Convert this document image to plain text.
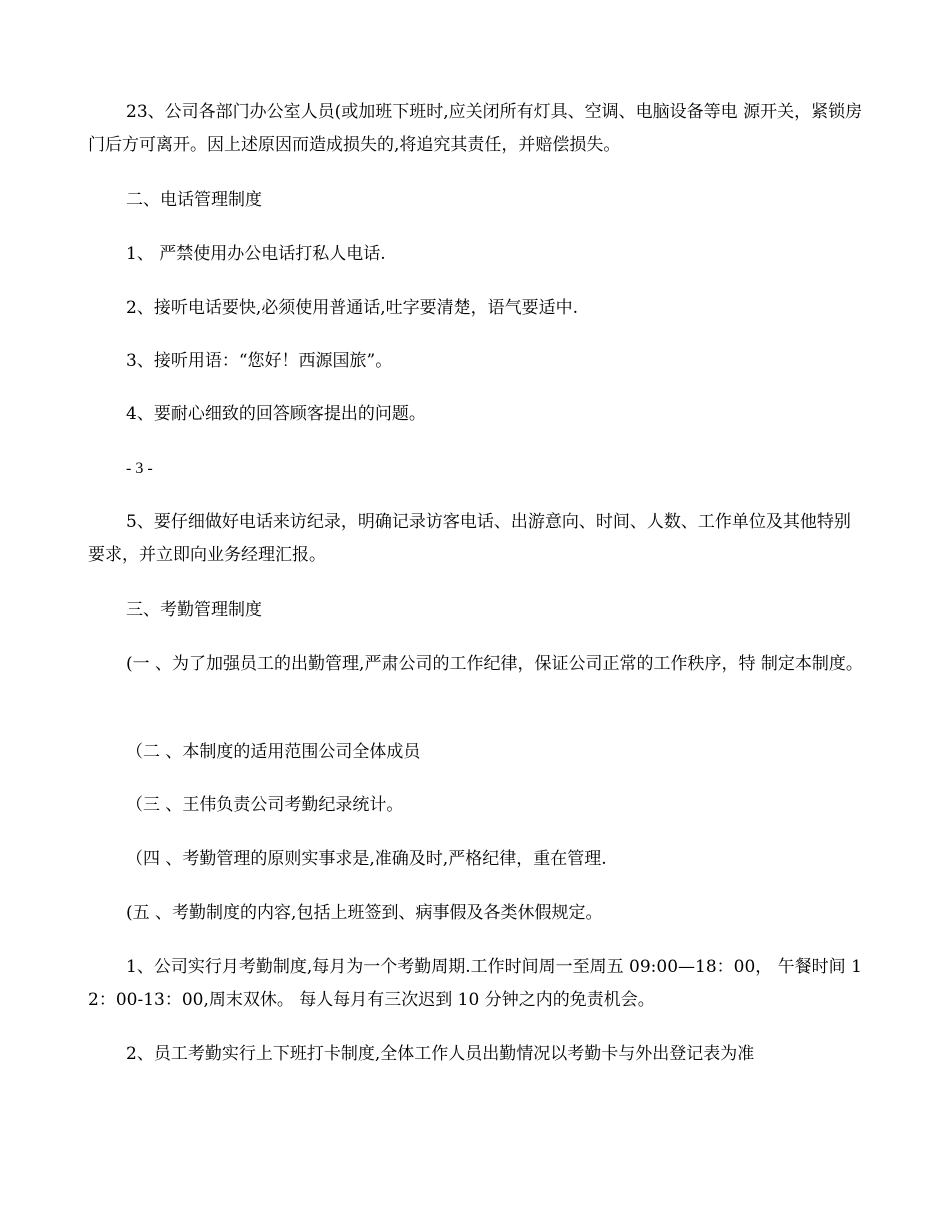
23、公司各部门办公室人员(或加班下班时,应关闭所有灯具、空调、电脑设备等电 源开关，紧锁房门后方可离开。因上述原因而造成损失的,将追究其责任，并赔偿损失。

二、电话管理制度

1、 严禁使用办公电话打私人电话.

2、接听电话要快,必须使用普通话,吐字要清楚，语气要适中.

3、接听用语：“您好！西源国旅”。

4、要耐心细致的回答顾客提出的问题。

- 3 -

5、要仔细做好电话来访纪录，明确记录访客电话、出游意向、时间、人数、工作单位及其他特别要求，并立即向业务经理汇报。

三、考勤管理制度

(一 、为了加强员工的出勤管理,严肃公司的工作纪律，保证公司正常的工作秩序，特 制定本制度。

（二 、本制度的适用范围公司全体成员

（三 、王伟负责公司考勤纪录统计。

（四 、考勤管理的原则实事求是,准确及时,严格纪律，重在管理.

(五 、考勤制度的内容,包括上班签到、病事假及各类休假规定。

1、公司实行月考勤制度,每月为一个考勤周期.工作时间周一至周五 09:00—18：00， 午餐时间 12：00-13：00,周末双休。 每人每月有三次迟到 10 分钟之内的免责机会。

2、员工考勤实行上下班打卡制度,全体工作人员出勤情况以考勤卡与外出登记表为准
